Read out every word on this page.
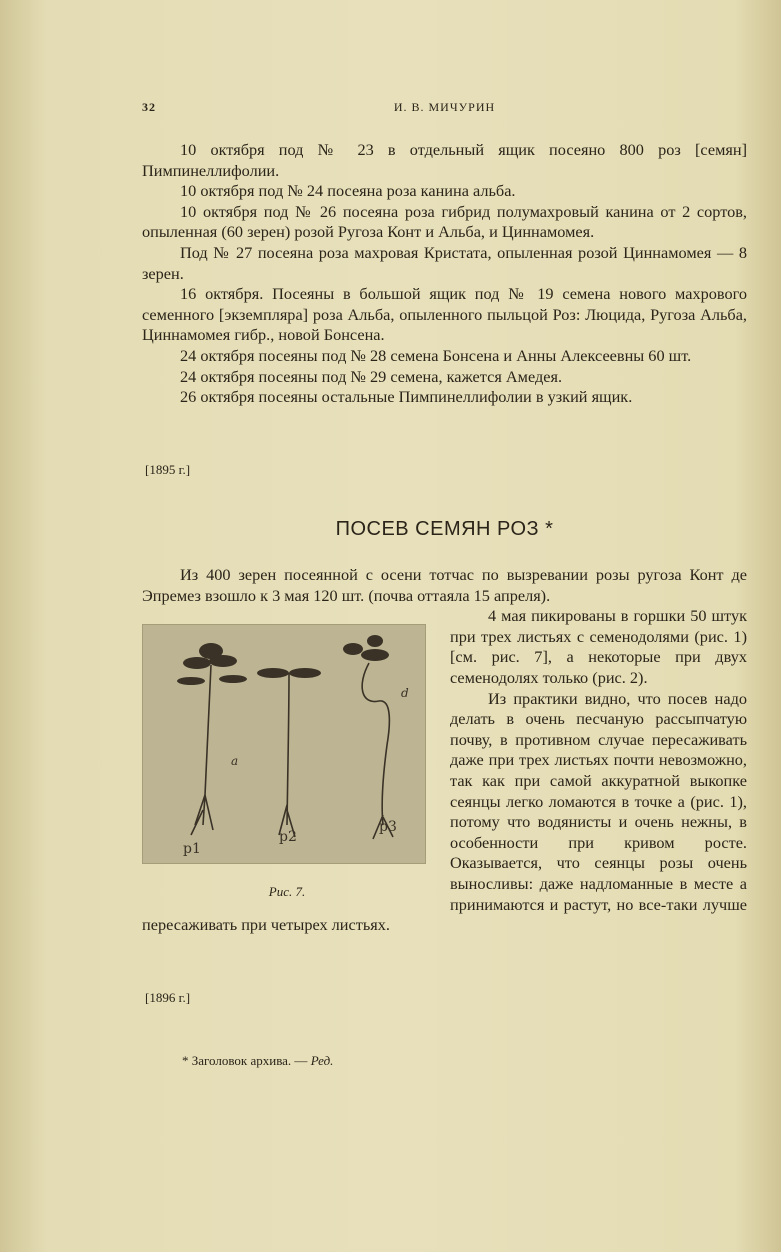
32	И. В. МИЧУРИН

10 октября под № 23 в отдельный ящик посеяно 800 роз [семян] Пимпинеллифолии.

10 октября под № 24 посеяна роза канина альба.

10 октября под № 26 посеяна роза гибрид полумахровый канина от 2 сортов, опыленная (60 зерен) розой Ругоза Конт и Альба, и Циннамомея.

Под № 27 посеяна роза махровая Кристата, опыленная розой Циннамомея — 8 зерен.

16 октября. Посеяны в большой ящик под № 19 семена нового махрового семенного [экземпляра] роза Альба, опыленного пыльцой Роз: Люцида, Ругоза Альба, Циннамомея гибр., новой Бонсена.

24 октября посеяны под № 28 семена Бонсена и Анны Алексеевны 60 шт.

24 октября посеяны под № 29 семена, кажется Амедея.

26 октября посеяны остальные Пимпинеллифолии в узкий ящик.

[1895 г.]
ПОСЕВ СЕМЯН РОЗ *

Из 400 зерен посеянной с осени тотчас по вызревании розы ругоза Конт де Эпремез взошло к 3 мая 120 шт. (почва оттаяла 15 апреля).

a
d
р1
р2
р3
Рис. 7.

4 мая пикированы в горшки 50 штук при трех листьях с семенодолями (рис. 1) [см. рис. 7], а некоторые при двух семенодолях только (рис. 2).

Из практики видно, что посев надо делать в очень песчаную рассыпчатую почву, в противном случае пересаживать даже при трех листьях почти невозможно, так как при самой аккуратной выкопке сеянцы легко ломаются в точке а (рис. 1), потому что водянисты и очень нежны, в особенности при кривом росте. Оказывается, что сеянцы розы очень выносливы: даже надломанные в месте а принимаются и растут, но все-таки лучше пересаживать при четырех листьях.

[1896 г.]
* Заголовок архива. — Ред.
